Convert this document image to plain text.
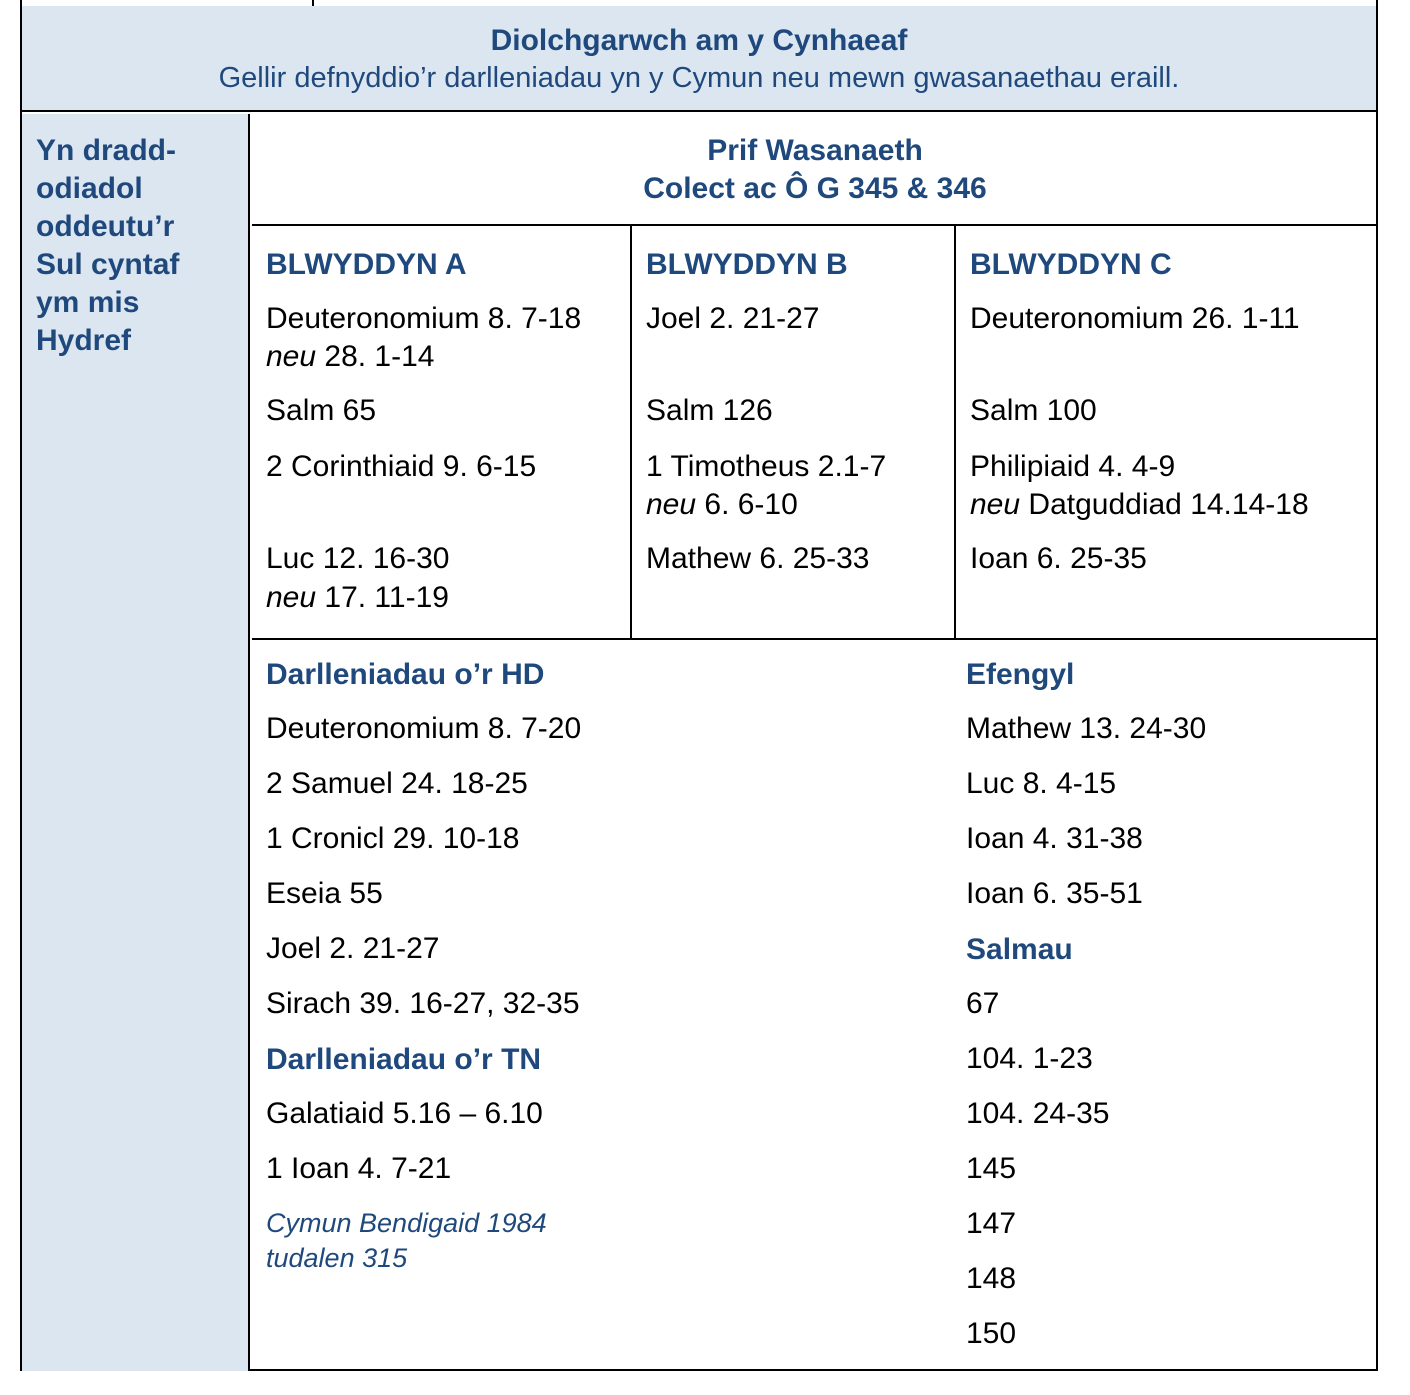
Diolchgarwch am y Cynhaeaf
Gellir defnyddio’r darlleniadau yn y Cymun neu mewn gwasanaethau eraill.
Yn dradd-
odiadol
oddeutu’r
Sul cyntaf
ym mis
Hydref
Prif Wasanaeth
Colect ac Ô G 345 & 346
BLWYDDYN A
Deuteronomium 8. 7-18
neu 28. 1-14
Salm 65
2 Corinthiaid 9. 6-15
Luc 12. 16-30
neu 17. 11-19
BLWYDDYN B
Joel 2. 21-27
Salm 126
1 Timotheus 2.1-7
neu 6. 6-10
Mathew 6. 25-33
BLWYDDYN C
Deuteronomium 26. 1-11
Salm 100
Philipiaid 4. 4-9
neu Datguddiad 14.14-18
Ioan 6. 25-35
Darlleniadau o’r HD
Deuteronomium 8. 7-20
2 Samuel 24. 18-25
1 Cronicl 29. 10-18
Eseia 55
Joel 2. 21-27
Sirach 39. 16-27, 32-35
Darlleniadau o’r TN
Galatiaid 5.16 – 6.10
1 Ioan 4. 7-21
Cymun Bendigaid 1984
tudalen 315
Efengyl
Mathew 13. 24-30
Luc 8. 4-15
Ioan 4. 31-38
Ioan 6. 35-51
Salmau
67
104. 1-23
104. 24-35
145
147
148
150
